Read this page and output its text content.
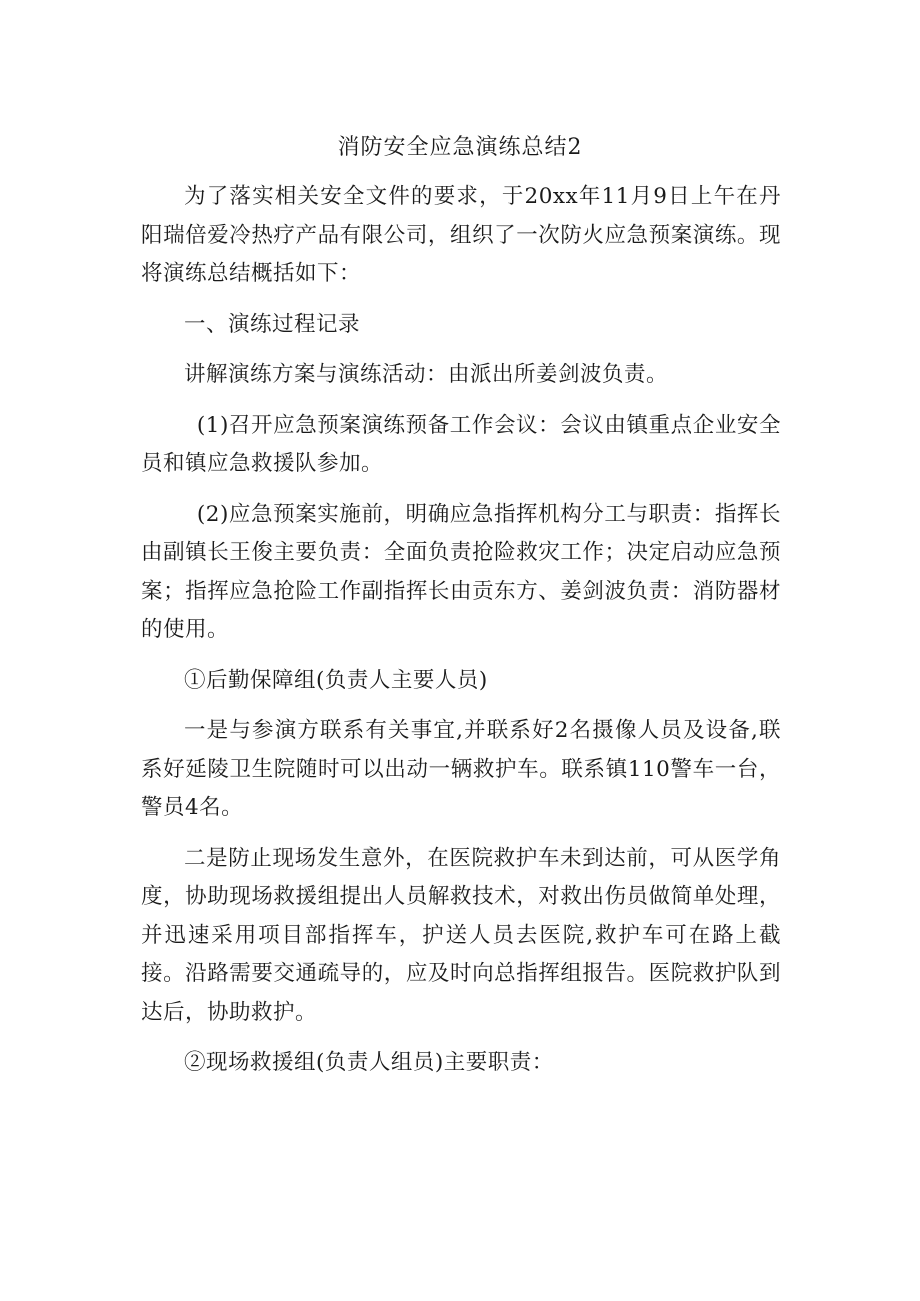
消防安全应急演练总结2

为了落实相关安全文件的要求，于20xx年11月9日上午在丹阳瑞倍爱冷热疗产品有限公司，组织了一次防火应急预案演练。现将演练总结概括如下：

一、演练过程记录

讲解演练方案与演练活动：由派出所姜剑波负责。

(1)召开应急预案演练预备工作会议：会议由镇重点企业安全员和镇应急救援队参加。

(2)应急预案实施前，明确应急指挥机构分工与职责：指挥长由副镇长王俊主要负责：全面负责抢险救灾工作；决定启动应急预案；指挥应急抢险工作副指挥长由贡东方、姜剑波负责：消防器材的使用。

①后勤保障组(负责人主要人员)

一是与参演方联系有关事宜,并联系好2名摄像人员及设备,联系好延陵卫生院随时可以出动一辆救护车。联系镇110警车一台，警员4名。

二是防止现场发生意外，在医院救护车未到达前，可从医学角度，协助现场救援组提出人员解救技术，对救出伤员做简单处理，并迅速采用项目部指挥车，护送人员去医院,救护车可在路上截接。沿路需要交通疏导的，应及时向总指挥组报告。医院救护队到达后，协助救护。

②现场救援组(负责人组员)主要职责：
